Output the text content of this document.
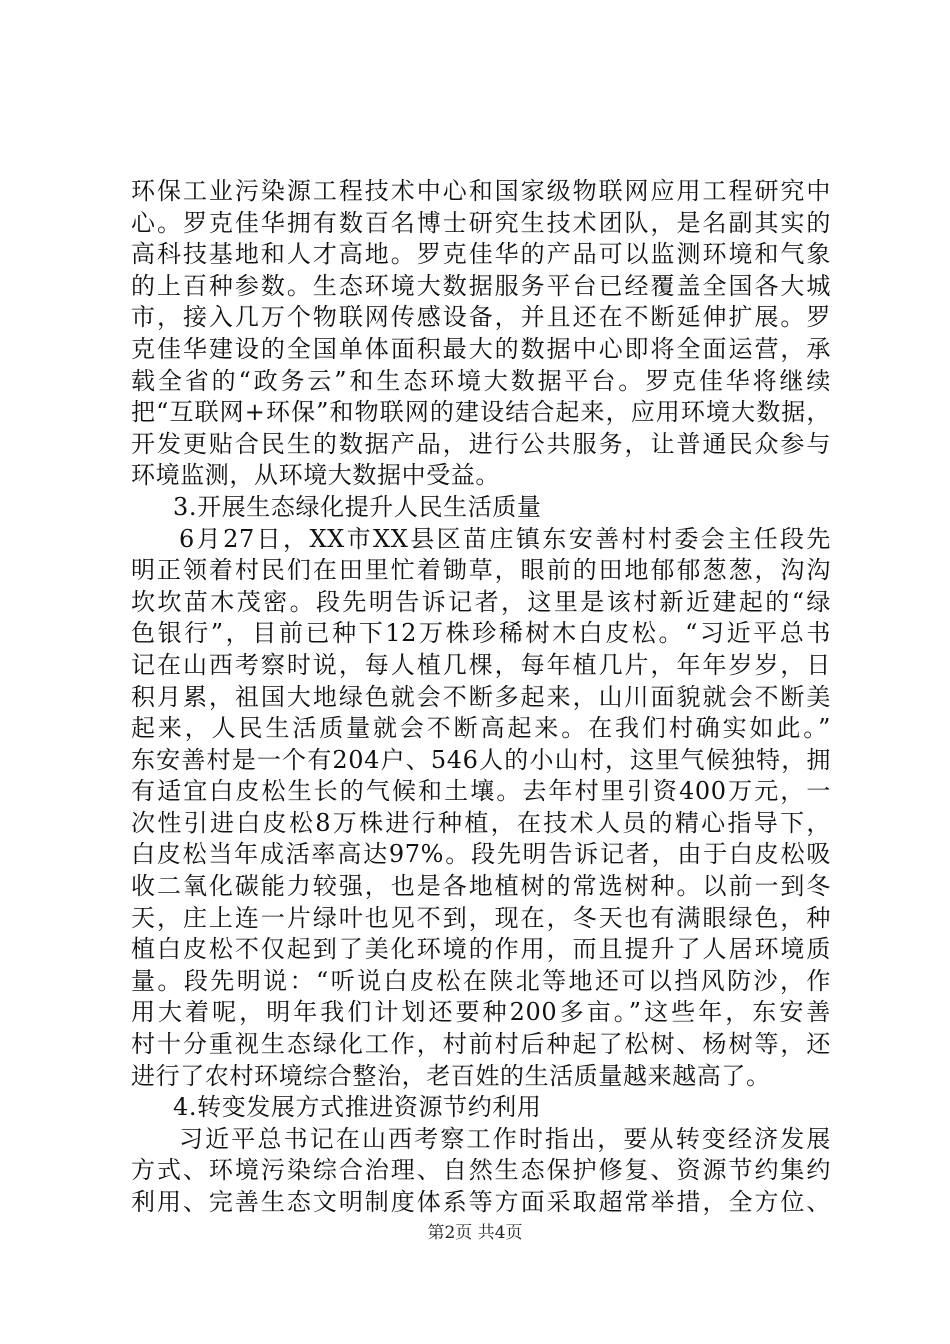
环保工业污染源工程技术中心和国家级物联网应用工程研究中
心。罗克佳华拥有数百名博士研究生技术团队，是名副其实的
高科技基地和人才高地。罗克佳华的产品可以监测环境和气象
的上百种参数。生态环境大数据服务平台已经覆盖全国各大城
市，接入几万个物联网传感设备，并且还在不断延伸扩展。罗
克佳华建设的全国单体面积最大的数据中心即将全面运营，承
载全省的“政务云”和生态环境大数据平台。罗克佳华将继续
把“互联网+环保”和物联网的建设结合起来，应用环境大数据，
开发更贴合民生的数据产品，进行公共服务，让普通民众参与
环境监测，从环境大数据中受益。
3.开展生态绿化提升人民生活质量
6月27日，XX市XX县区苗庄镇东安善村村委会主任段先
明正领着村民们在田里忙着锄草，眼前的田地郁郁葱葱，沟沟
坎坎苗木茂密。段先明告诉记者，这里是该村新近建起的“绿
色银行”，目前已种下12万株珍稀树木白皮松。“习近平总书
记在山西考察时说，每人植几棵，每年植几片，年年岁岁，日
积月累，祖国大地绿色就会不断多起来，山川面貌就会不断美
起来，人民生活质量就会不断高起来。在我们村确实如此。”
东安善村是一个有204户、546人的小山村，这里气候独特，拥
有适宜白皮松生长的气候和土壤。去年村里引资400万元，一
次性引进白皮松8万株进行种植，在技术人员的精心指导下，
白皮松当年成活率高达97%。段先明告诉记者，由于白皮松吸
收二氧化碳能力较强，也是各地植树的常选树种。以前一到冬
天，庄上连一片绿叶也见不到，现在，冬天也有满眼绿色，种
植白皮松不仅起到了美化环境的作用，而且提升了人居环境质
量。段先明说：“听说白皮松在陕北等地还可以挡风防沙，作
用大着呢，明年我们计划还要种200多亩。”这些年，东安善
村十分重视生态绿化工作，村前村后种起了松树、杨树等，还
进行了农村环境综合整治，老百姓的生活质量越来越高了。
4.转变发展方式推进资源节约利用
习近平总书记在山西考察工作时指出，要从转变经济发展
方式、环境污染综合治理、自然生态保护修复、资源节约集约
利用、完善生态文明制度体系等方面采取超常举措，全方位、
第2页 共4页
